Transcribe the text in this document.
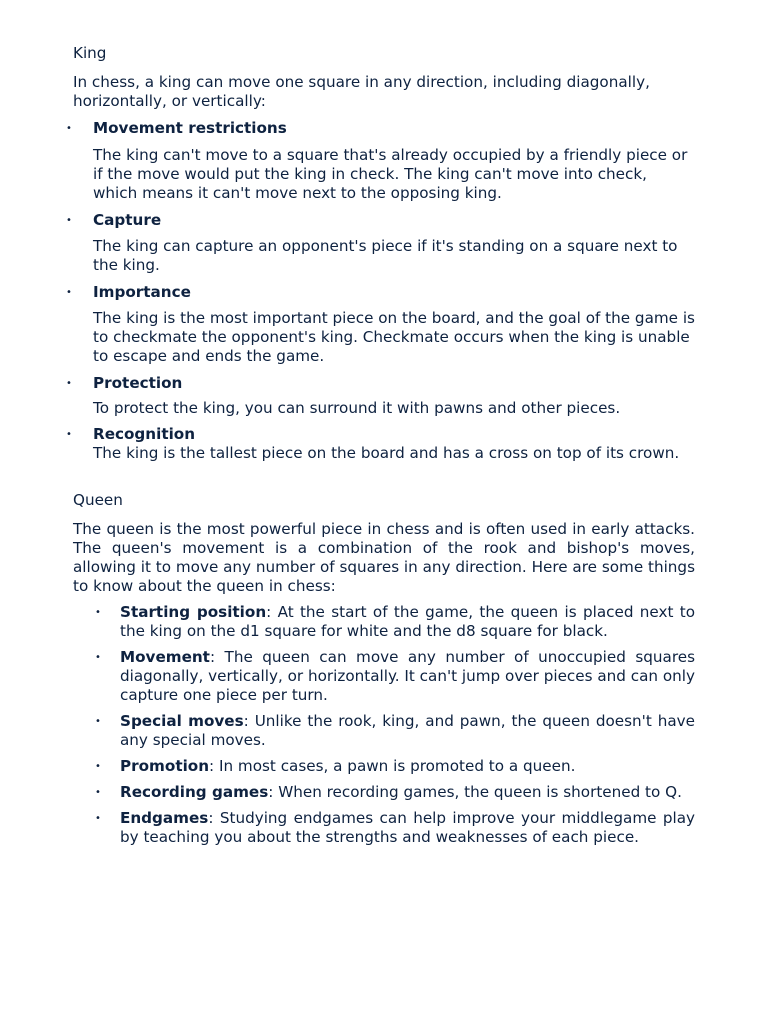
King

In chess, a king can move one square in any direction, including diagonally, horizontally, or vertically:

• Movement restrictions
The king can't move to a square that's already occupied by a friendly piece or if the move would put the king in check. The king can't move into check, which means it can't move next to the opposing king.
• Capture
The king can capture an opponent's piece if it's standing on a square next to the king.
• Importance
The king is the most important piece on the board, and the goal of the game is to checkmate the opponent's king. Checkmate occurs when the king is unable to escape and ends the game.
• Protection
To protect the king, you can surround it with pawns and other pieces.
• Recognition
The king is the tallest piece on the board and has a cross on top of its crown.

Queen

The queen is the most powerful piece in chess and is often used in early attacks. The queen's movement is a combination of the rook and bishop's moves, allowing it to move any number of squares in any direction. Here are some things to know about the queen in chess:

• Starting position: At the start of the game, the queen is placed next to the king on the d1 square for white and the d8 square for black.
• Movement: The queen can move any number of unoccupied squares diagonally, vertically, or horizontally. It can't jump over pieces and can only capture one piece per turn.
• Special moves: Unlike the rook, king, and pawn, the queen doesn't have any special moves.
• Promotion: In most cases, a pawn is promoted to a queen.
• Recording games: When recording games, the queen is shortened to Q.
• Endgames: Studying endgames can help improve your middlegame play by teaching you about the strengths and weaknesses of each piece.
